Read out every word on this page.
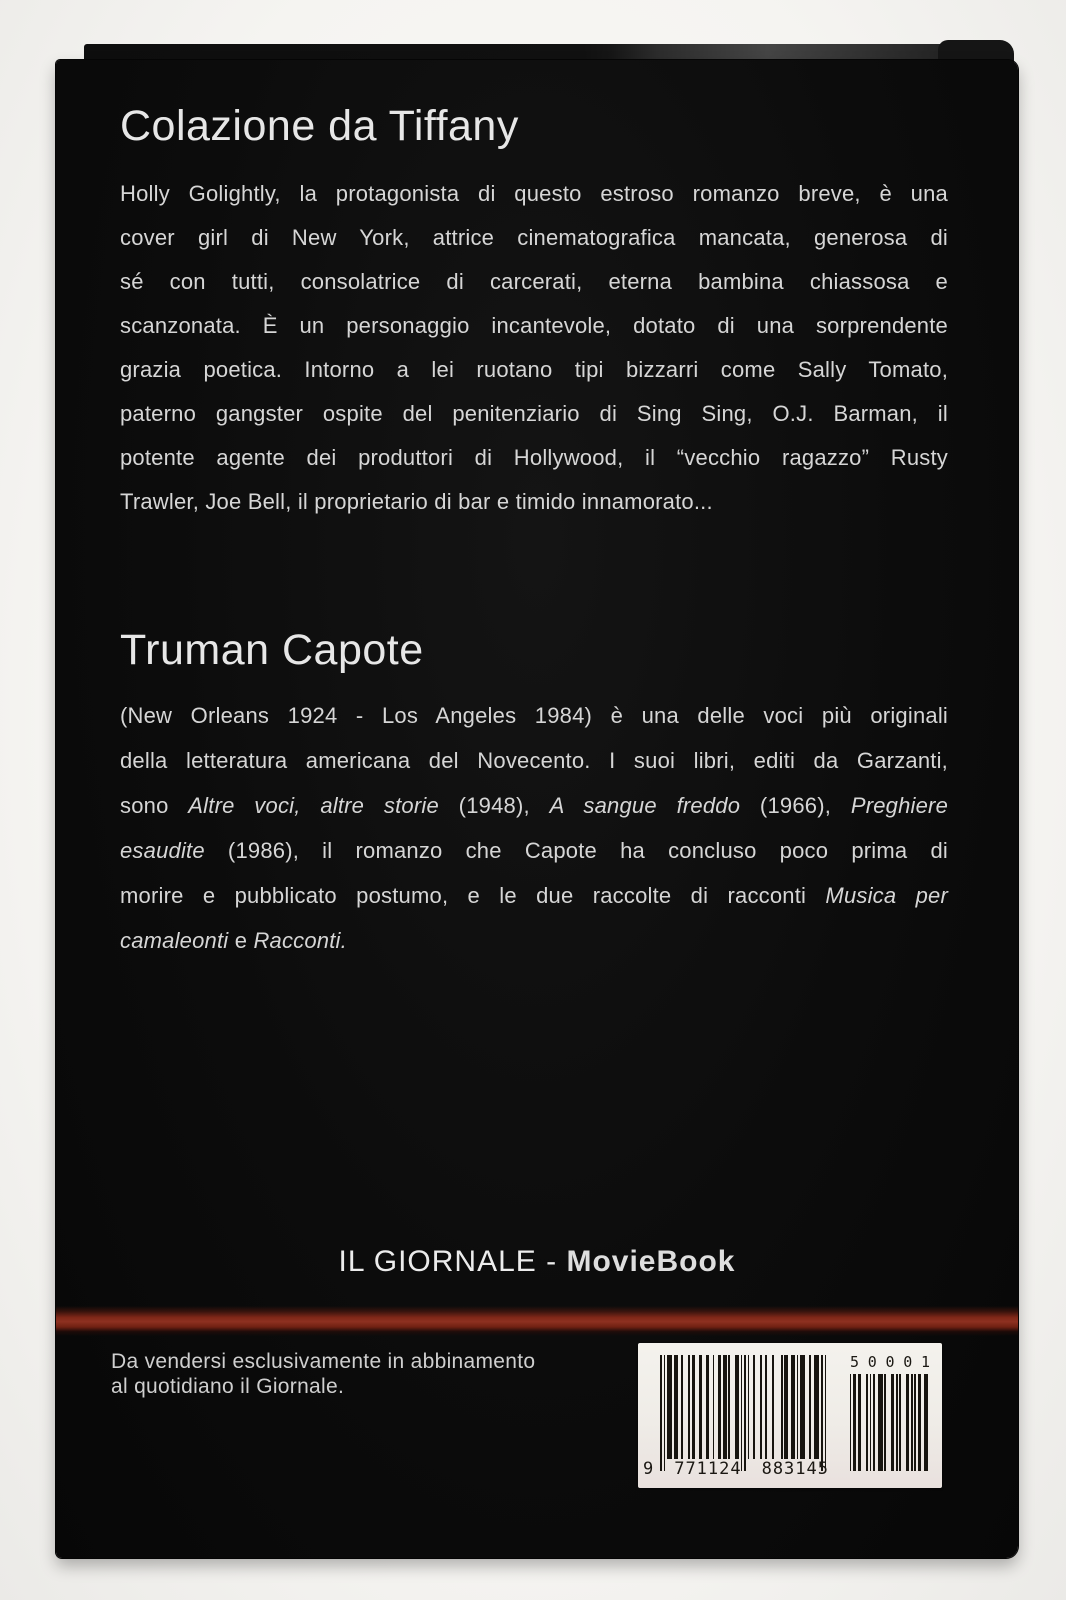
Colazione da Tiffany
Holly Golightly, la protagonista di questo estroso romanzo breve, è una
cover girl di New York, attrice cinematografica mancata, generosa di
sé con tutti, consolatrice di carcerati, eterna bambina chiassosa e
scanzonata. È un personaggio incantevole, dotato di una sorprendente
grazia poetica. Intorno a lei ruotano tipi bizzarri come Sally Tomato,
paterno gangster ospite del penitenziario di Sing Sing, O.J. Barman, il
potente agente dei produttori di Hollywood, il “vecchio ragazzo” Rusty
Trawler, Joe Bell, il proprietario di bar e timido innamorato...
Truman Capote
(New Orleans 1924 - Los Angeles 1984) è una delle voci più originali
della letteratura americana del Novecento. I suoi libri, editi da Garzanti,
sono Altre voci, altre storie (1948), A sangue freddo (1966), Preghiere
esaudite (1986), il romanzo che Capote ha concluso poco prima di
morire e pubblicato postumo, e le due raccolte di racconti Musica per
camaleonti e Racconti.
IL GIORNALE - MovieBook
Da vendersi esclusivamente in abbinamento
al quotidiano il Giornale.
9 771124 883145
5 0 0 0 1
